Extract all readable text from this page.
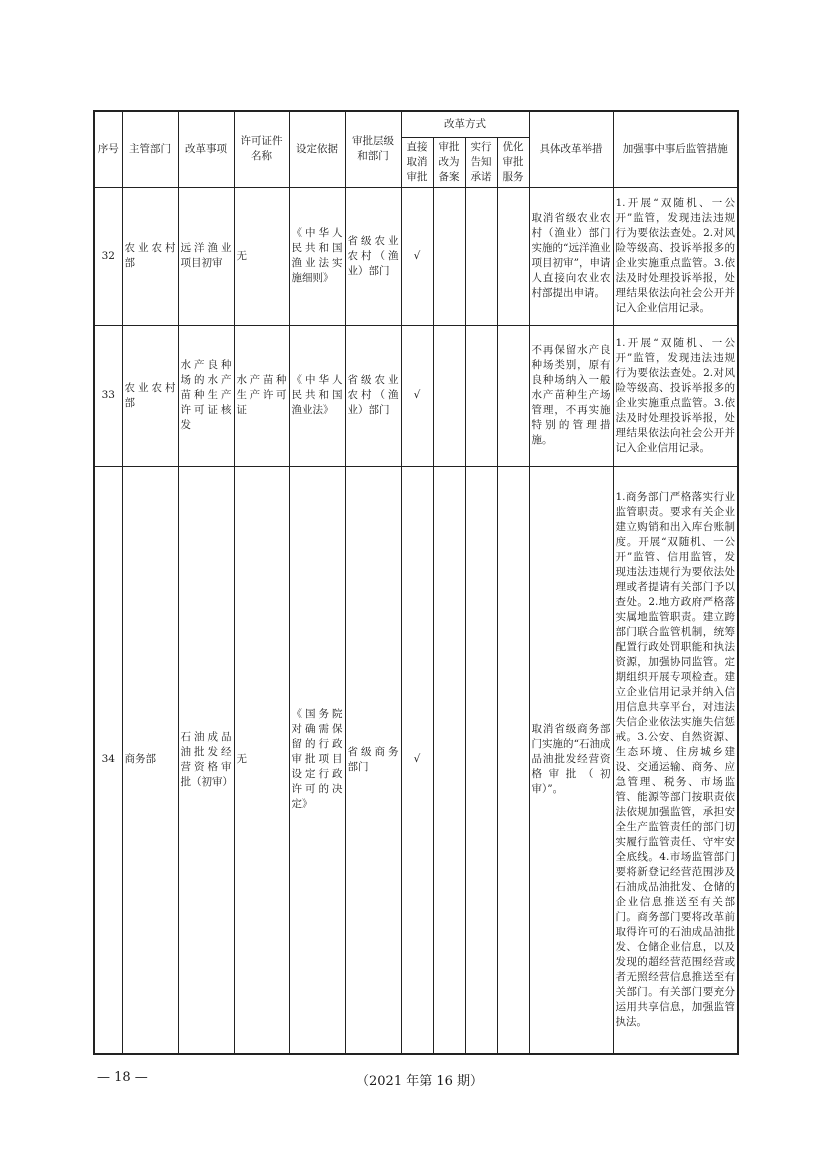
序号	主管部门	改革事项	许可证件名称	设定依据	审批层级和部门	改革方式				具体改革举措	加强事中事后监管措施
						直接取消审批	审批改为备案	实行告知承诺	优化审批服务		
32	农业农村部	远洋渔业项目初审	无	《中华人民共和国渔业法实施细则》	省级农业农村（渔业）部门	√				取消省级农业农村（渔业）部门实施的“远洋渔业项目初审”，申请人直接向农业农村部提出申请。	1.开展“双随机、一公开”监管，发现违法违规行为要依法查处。2.对风险等级高、投诉举报多的企业实施重点监管。3.依法及时处理投诉举报，处理结果依法向社会公开并记入企业信用记录。
33	农业农村部	水产良种场的水产苗种生产许可证核发	水产苗种生产许可证	《中华人民共和国渔业法》	省级农业农村（渔业）部门	√				不再保留水产良种场类别，原有良种场纳入一般水产苗种生产场管理，不再实施特别的管理措施。	1.开展“双随机、一公开”监管，发现违法违规行为要依法查处。2.对风险等级高、投诉举报多的企业实施重点监管。3.依法及时处理投诉举报，处理结果依法向社会公开并记入企业信用记录。
34	商务部	石油成品油批发经营资格审批（初审）	无	《国务院对确需保留的行政审批项目设定行政许可的决定》	省级商务部门	√				取消省级商务部门实施的“石油成品油批发经营资格审批（初审）”。	1.商务部门严格落实行业监管职责。要求有关企业建立购销和出入库台账制度。开展“双随机、一公开”监管、信用监管，发现违法违规行为要依法处理或者提请有关部门予以查处。2.地方政府严格落实属地监管职责。建立跨部门联合监管机制，统筹配置行政处罚职能和执法资源，加强协同监管。定期组织开展专项检查。建立企业信用记录并纳入信用信息共享平台，对违法失信企业依法实施失信惩戒。3.公安、自然资源、生态环境、住房城乡建设、交通运输、商务、应急管理、税务、市场监管、能源等部门按职责依法依规加强监管，承担安全生产监管责任的部门切实履行监管责任、守牢安全底线。4.市场监管部门要将新登记经营范围涉及石油成品油批发、仓储的企业信息推送至有关部门。商务部门要将改革前取得许可的石油成品油批发、仓储企业信息，以及发现的超经营范围经营或者无照经营信息推送至有关部门。有关部门要充分运用共享信息，加强监管执法。
— 18 —	（2021 年第 16 期）
